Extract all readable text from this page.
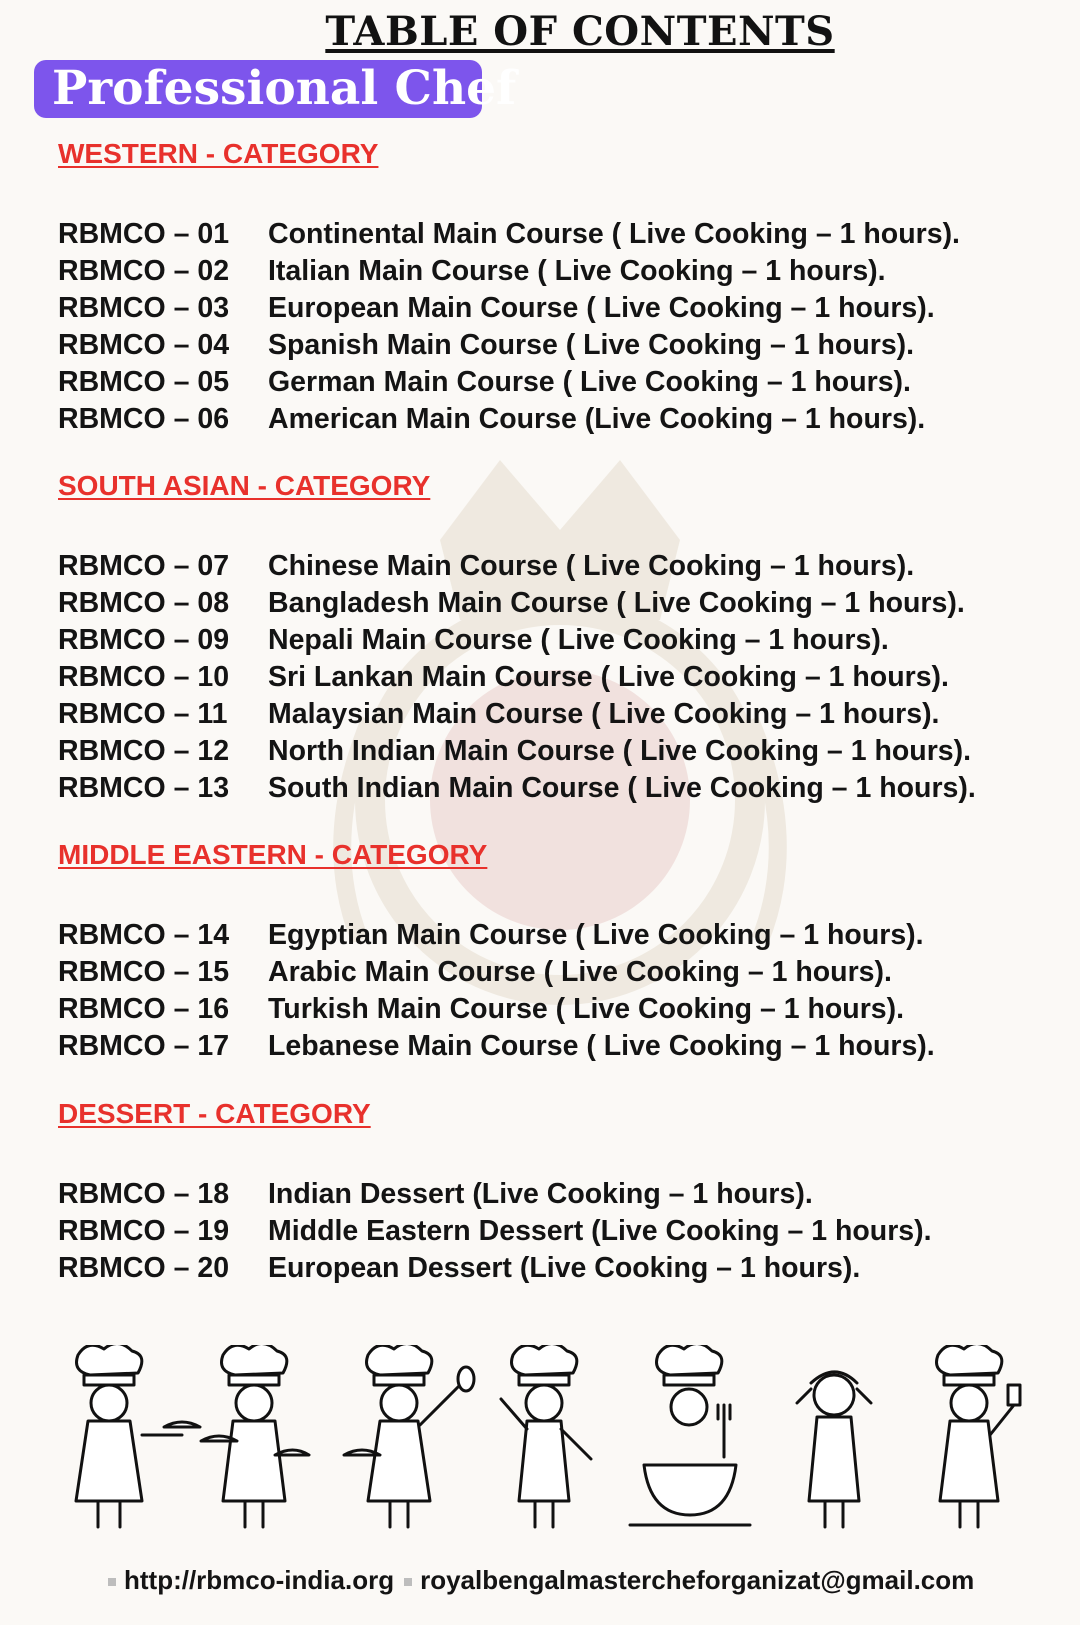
TABLE OF CONTENTS
Professional Chef
WESTERN - CATEGORY
RBMCO – 01 Continental Main Course ( Live Cooking – 1 hours).
RBMCO – 02 Italian Main Course ( Live Cooking – 1 hours).
RBMCO – 03 European Main Course ( Live Cooking – 1 hours).
RBMCO – 04 Spanish Main Course ( Live Cooking – 1 hours).
RBMCO – 05 German Main Course ( Live Cooking – 1 hours).
RBMCO – 06 American Main Course (Live Cooking – 1 hours).
SOUTH ASIAN - CATEGORY
RBMCO – 07 Chinese Main Course ( Live Cooking – 1 hours).
RBMCO – 08 Bangladesh Main Course ( Live Cooking – 1 hours).
RBMCO – 09 Nepali Main Course ( Live Cooking – 1 hours).
RBMCO – 10 Sri Lankan Main Course ( Live Cooking – 1 hours).
RBMCO – 11 Malaysian Main Course ( Live Cooking – 1 hours).
RBMCO – 12 North Indian Main Course ( Live Cooking – 1 hours).
RBMCO – 13 South Indian Main Course ( Live Cooking – 1 hours).
MIDDLE EASTERN - CATEGORY
RBMCO – 14 Egyptian Main Course ( Live Cooking – 1 hours).
RBMCO – 15 Arabic Main Course ( Live Cooking – 1 hours).
RBMCO – 16 Turkish Main Course ( Live Cooking – 1 hours).
RBMCO – 17 Lebanese Main Course ( Live Cooking – 1 hours).
DESSERT - CATEGORY
RBMCO – 18 Indian Dessert (Live Cooking – 1 hours).
RBMCO – 19 Middle Eastern Dessert (Live Cooking – 1 hours).
RBMCO – 20 European Dessert (Live Cooking – 1 hours).
http://rbmco-india.org royalbengalmastercheforganizat@gmail.com
